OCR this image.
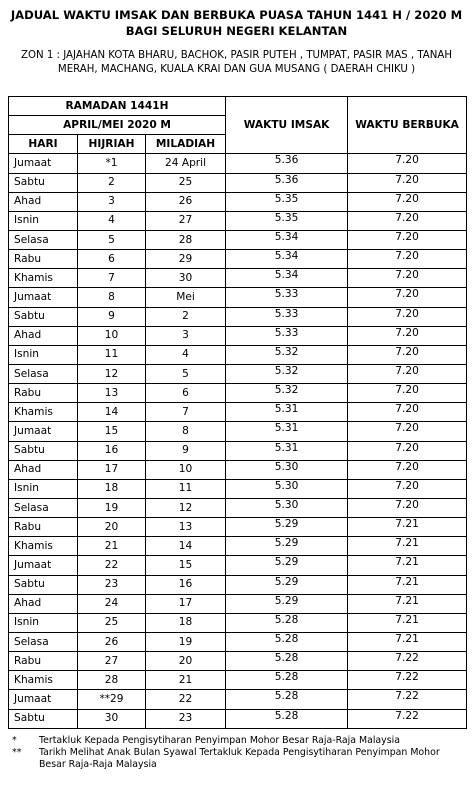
JADUAL WAKTU IMSAK DAN BERBUKA PUASA TAHUN 1441 H / 2020 M
BAGI SELURUH NEGERI KELANTAN
ZON 1 : JAJAHAN KOTA BHARU, BACHOK, PASIR PUTEH , TUMPAT, PASIR MAS , TANAH
MERAH, MACHANG, KUALA KRAI DAN GUA MUSANG ( DAERAH CHIKU )
RAMADAN 1441H			WAKTU IMSAK	WAKTU BERBUKA
APRIL/MEI 2020 M				
HARI	HIJRIAH	MILADIAH		
Jumaat	*1	24 April	5.36	7.20
Sabtu	2	25	5.36	7.20
Ahad	3	26	5.35	7.20
Isnin	4	27	5.35	7.20
Selasa	5	28	5.34	7.20
Rabu	6	29	5.34	7.20
Khamis	7	30	5.34	7.20
Jumaat	8	Mei	5.33	7.20
Sabtu	9	2	5.33	7.20
Ahad	10	3	5.33	7.20
Isnin	11	4	5.32	7.20
Selasa	12	5	5.32	7.20
Rabu	13	6	5.32	7.20
Khamis	14	7	5.31	7.20
Jumaat	15	8	5.31	7.20
Sabtu	16	9	5.31	7.20
Ahad	17	10	5.30	7.20
Isnin	18	11	5.30	7.20
Selasa	19	12	5.30	7.20
Rabu	20	13	5.29	7.21
Khamis	21	14	5.29	7.21
Jumaat	22	15	5.29	7.21
Sabtu	23	16	5.29	7.21
Ahad	24	17	5.29	7.21
Isnin	25	18	5.28	7.21
Selasa	26	19	5.28	7.21
Rabu	27	20	5.28	7.22
Khamis	28	21	5.28	7.22
Jumaat	**29	22	5.28	7.22
Sabtu	30	23	5.28	7.22
*	Tertakluk Kepada Pengisytiharan Penyimpan Mohor Besar Raja-Raja Malaysia
**	Tarikh Melihat Anak Bulan Syawal Tertakluk Kepada Pengisytiharan Penyimpan Mohor Besar Raja-Raja Malaysia
